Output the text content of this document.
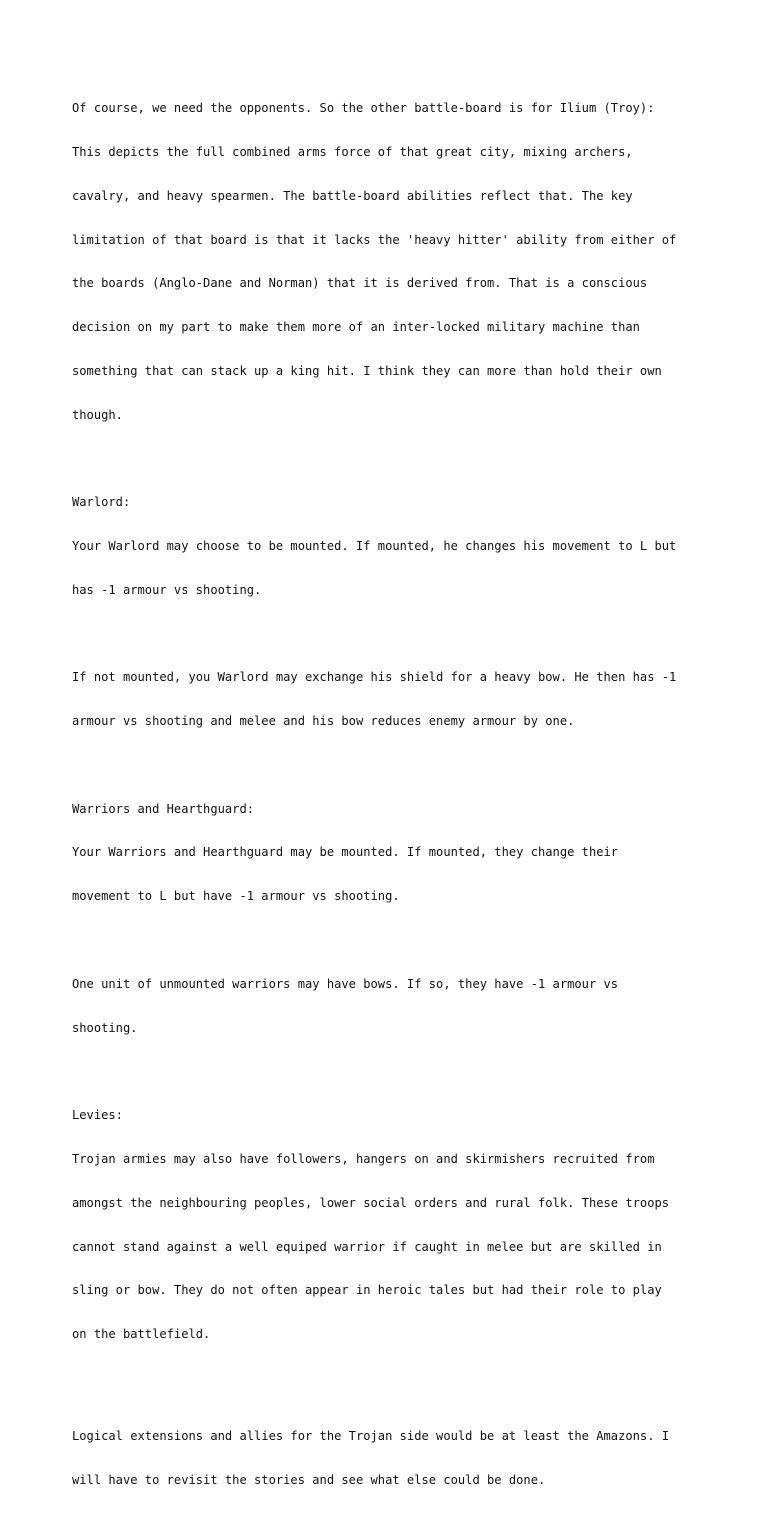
Of course, we need the opponents. So the other battle-board is for Ilium (Troy):

This depicts the full combined arms force of that great city, mixing archers,

cavalry, and heavy spearmen. The battle-board abilities reflect that. The key

limitation of that board is that it lacks the 'heavy hitter' ability from either of

the boards (Anglo-Dane and Norman) that it is derived from. That is a conscious

decision on my part to make them more of an inter-locked military machine than

something that can stack up a king hit. I think they can more than hold their own

though.

Warlord:

Your Warlord may choose to be mounted. If mounted, he changes his movement to L but

has -1 armour vs shooting.

If not mounted, you Warlord may exchange his shield for a heavy bow. He then has -1

armour vs shooting and melee and his bow reduces enemy armour by one.

Warriors and Hearthguard:

Your Warriors and Hearthguard may be mounted. If mounted, they change their

movement to L but have -1 armour vs shooting.

One unit of unmounted warriors may have bows. If so, they have -1 armour vs

shooting.

Levies:

Trojan armies may also have followers, hangers on and skirmishers recruited from

amongst the neighbouring peoples, lower social orders and rural folk. These troops

cannot stand against a well equiped warrior if caught in melee but are skilled in

sling or bow. They do not often appear in heroic tales but had their role to play

on the battlefield.

Logical extensions and allies for the Trojan side would be at least the Amazons. I

will have to revisit the stories and see what else could be done.
